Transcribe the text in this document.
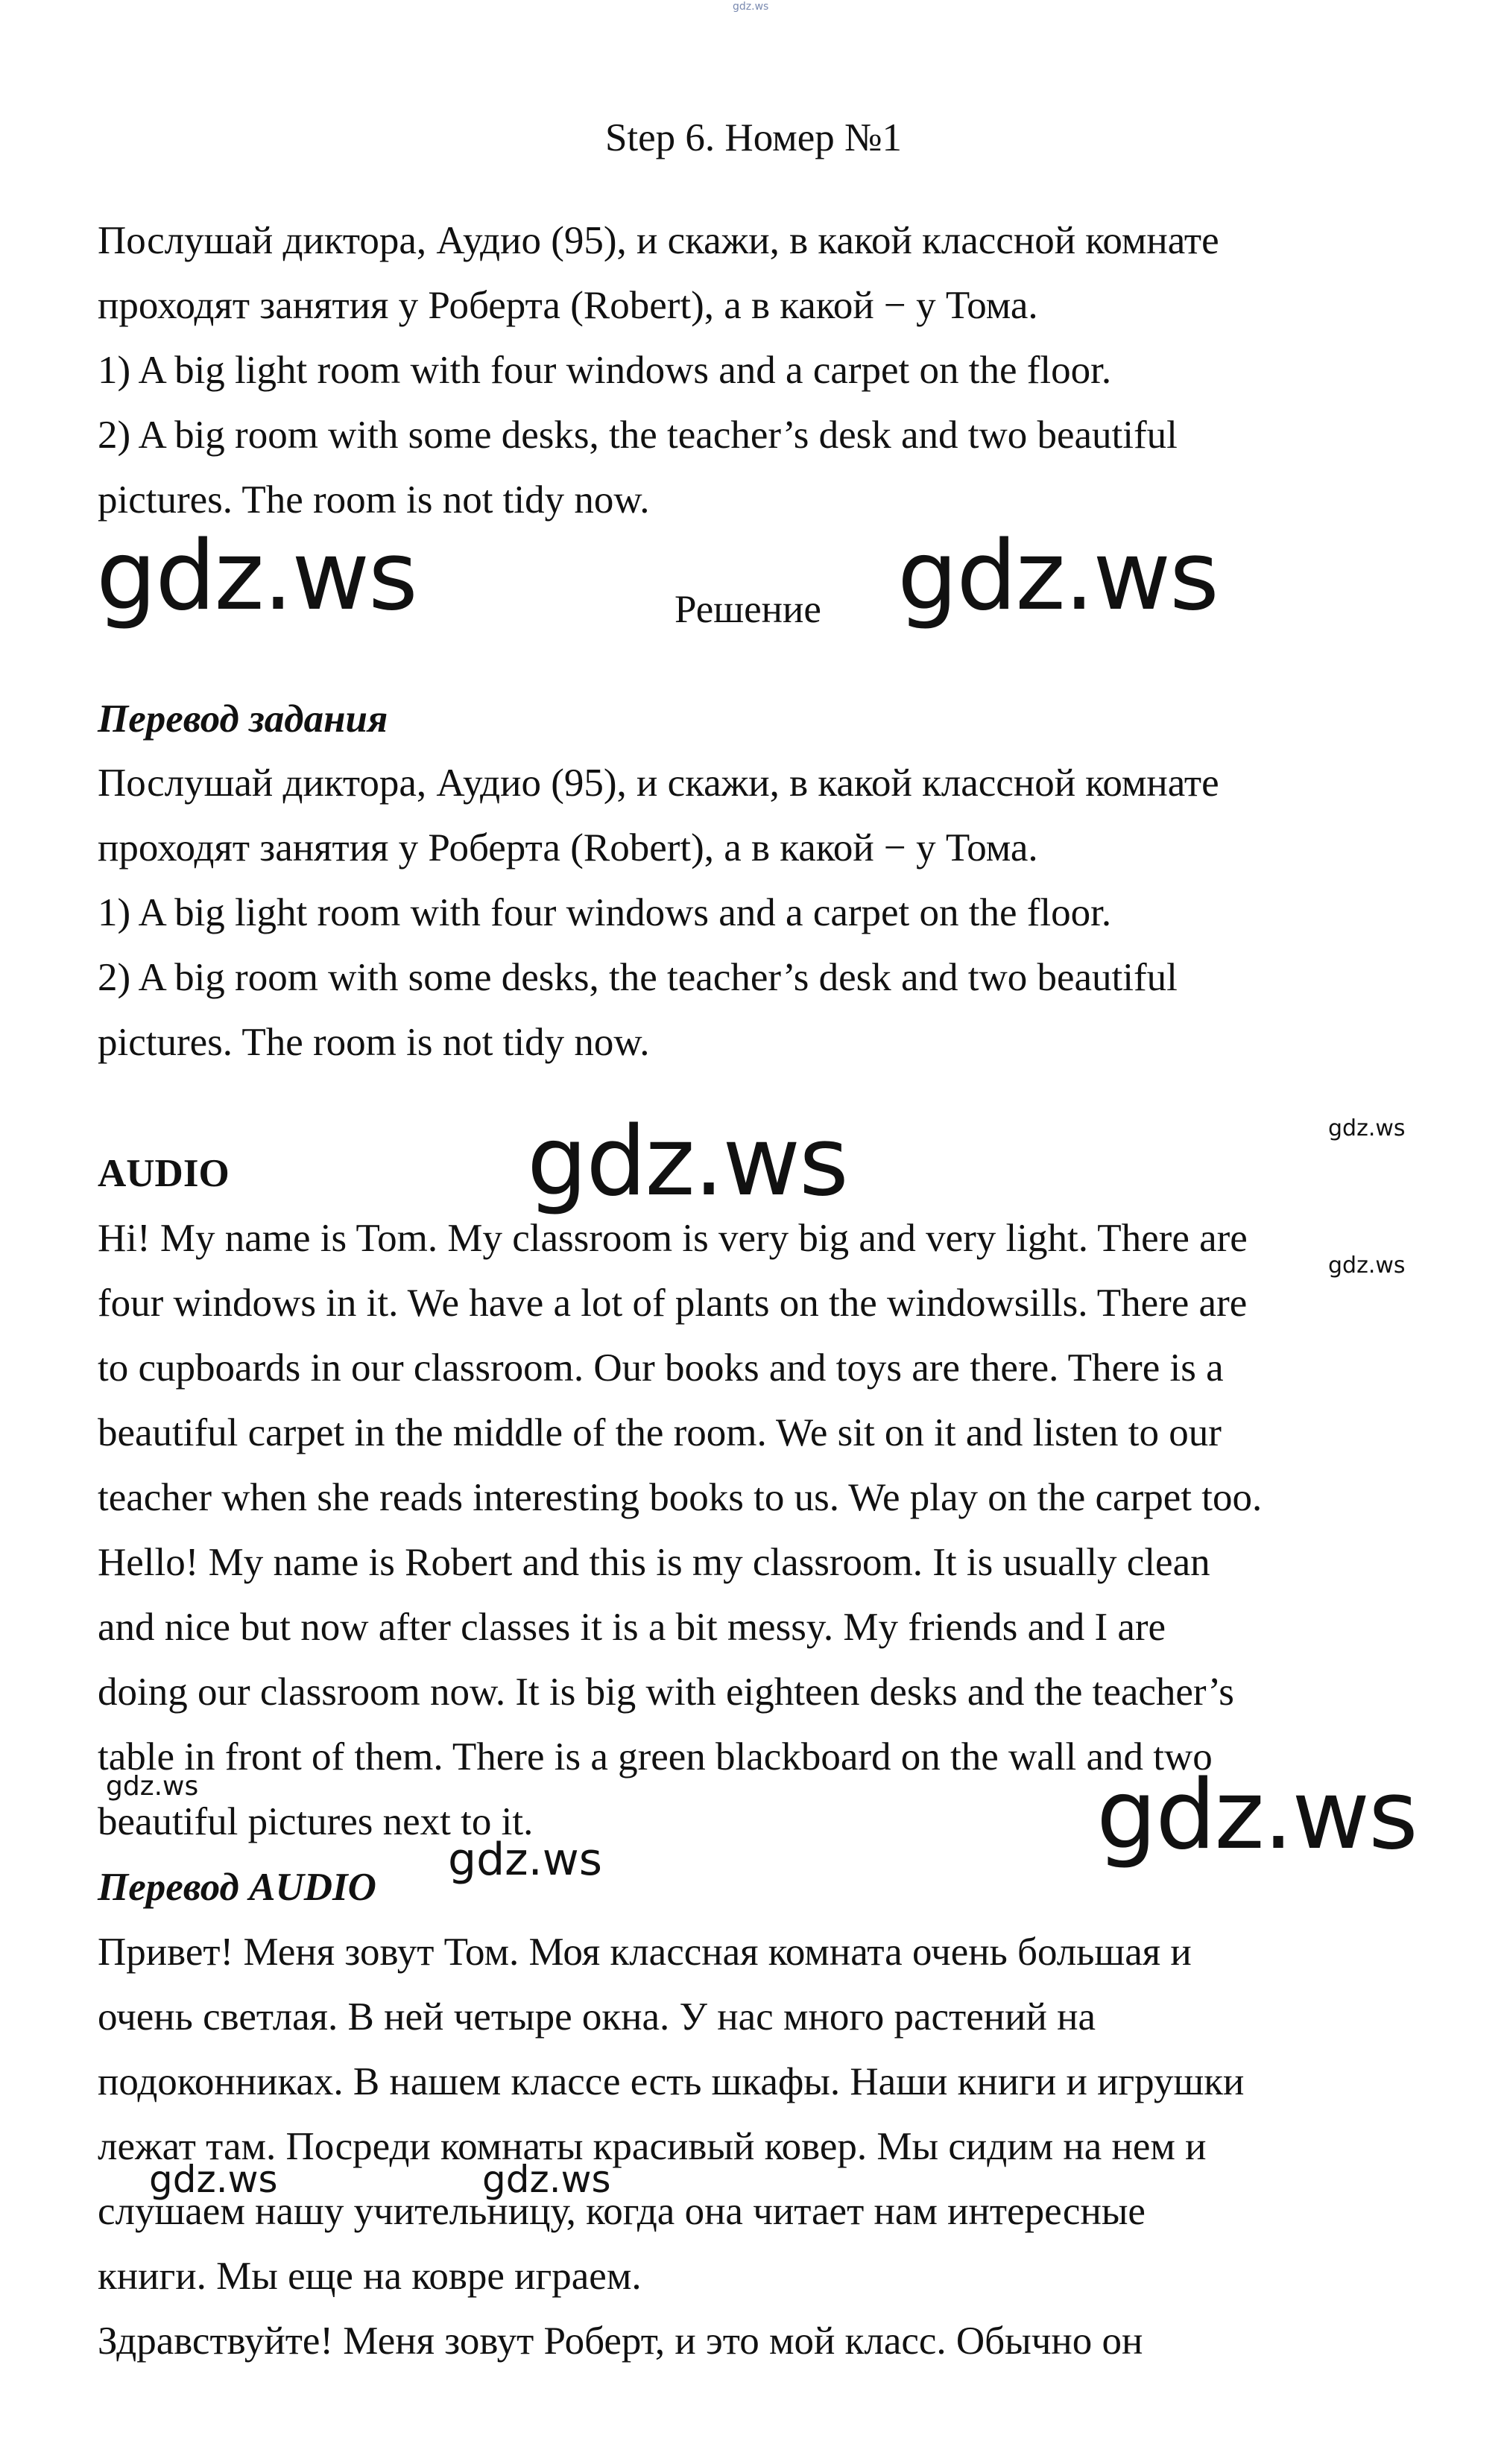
gdz.ws
Step 6. Номер №1
Послушай диктора, Аудио (95), и скажи, в какой классной комнате
проходят занятия у Роберта (Robert), а в какой − у Тома.
1) A big light room with four windows and a carpet on the floor.
2) A big room with some desks, the teacher’s desk and two beautiful
pictures. The room is not tidy now.
gdz.ws	Решение gdz.ws
Перевод задания
Послушай диктора, Аудио (95), и скажи, в какой классной комнате
проходят занятия у Роберта (Robert), а в какой − у Тома.
1) A big light room with four windows and a carpet on the floor.
2) A big room with some desks, the teacher’s desk and two beautiful
pictures. The room is not tidy now.
AUDIO	gdz.ws	gdz.ws
Hi! My name is Tom. My classroom is very big and very light. There are
gdz.ws
four windows in it. We have a lot of plants on the windowsills. There are
to cupboards in our classroom. Our books and toys are there. There is a
beautiful carpet in the middle of the room. We sit on it and listen to our
teacher when she reads interesting books to us. We play on the carpet too.
Hello! My name is Robert and this is my classroom. It is usually clean
and nice but now after classes it is a bit messy. My friends and I are
doing our classroom now. It is big with eighteen desks and the teacher’s
table in front of them. There is a green blackboard on the wall and two
gdz.ws
beautiful pictures next to it.	gdz.ws
gdz.ws
Перевод AUDIO
Привет! Меня зовут Том. Моя классная комната очень большая и
очень светлая. В ней четыре окна. У нас много растений на
подоконниках. В нашем классе есть шкафы. Наши книги и игрушки
лежат там. Посреди комнаты красивый ковер. Мы сидим на нем и
gdz.ws	gdz.ws
слушаем нашу учительницу, когда она читает нам интересные
книги. Мы еще на ковре играем.
Здравствуйте! Меня зовут Роберт, и это мой класс. Обычно он
